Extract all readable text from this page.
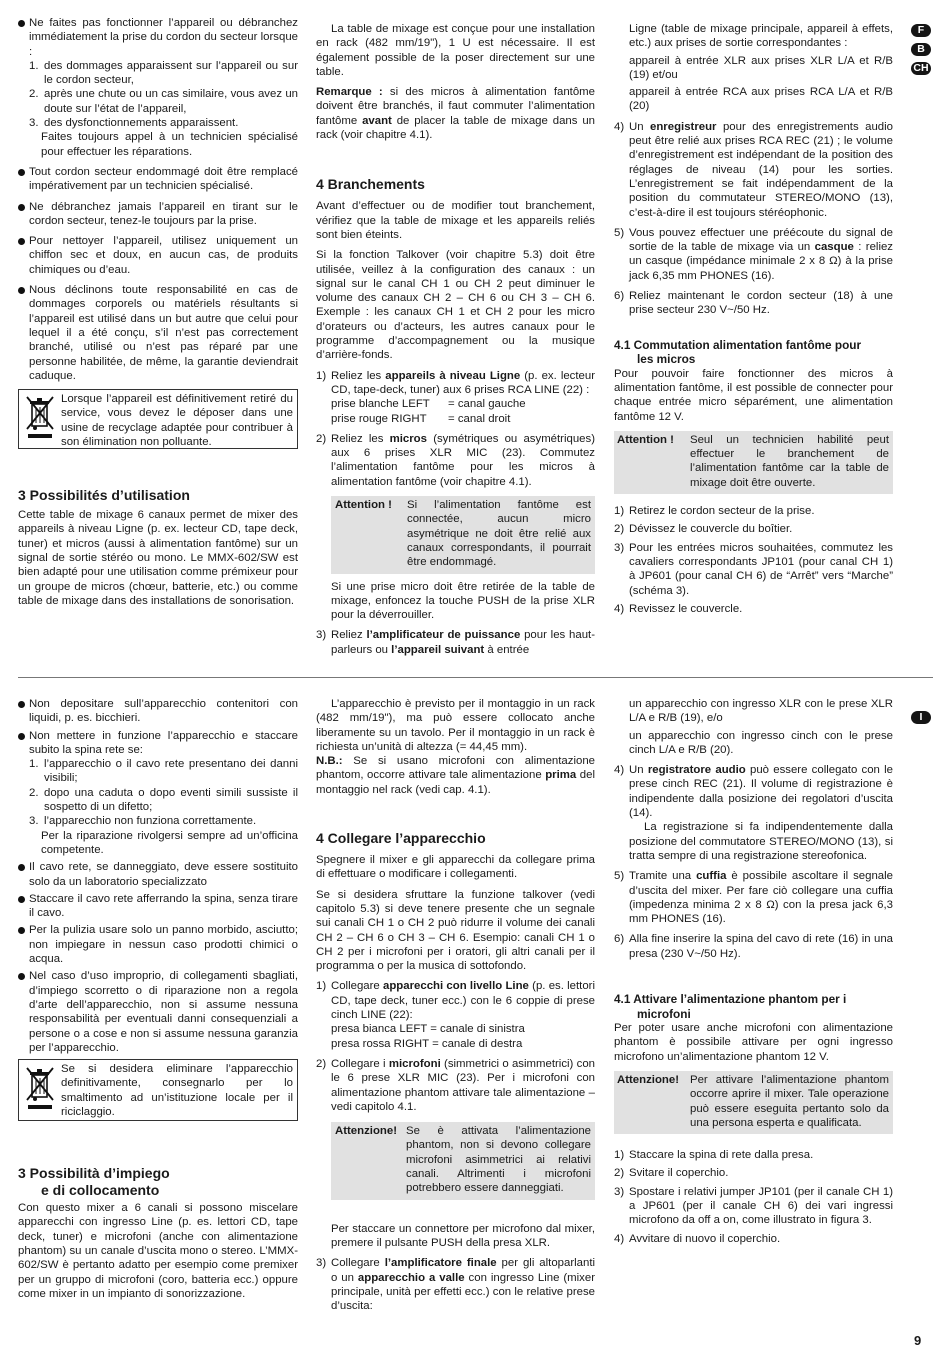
Ne faites pas fonctionner l’appareil ou débranchez immédiatement la prise du cordon du secteur lorsque :
1. des dommages apparaissent sur l’appareil ou sur le cordon secteur,
2. après une chute ou un cas similaire, vous avez un doute sur l’état de l’appareil,
3. des dysfonctionnements apparaissent.
Faites toujours appel à un technicien spécialisé pour effectuer les réparations.
Tout cordon secteur endommagé doit être remplacé impérativement par un technicien spécialisé.
Ne débranchez jamais l’appareil en tirant sur le cordon secteur, tenez-le toujours par la prise.
Pour nettoyer l’appareil, utilisez uniquement un chiffon sec et doux, en aucun cas, de produits chimiques ou d’eau.
Nous déclinons toute responsabilité en cas de dommages corporels ou matériels résultants si l’appareil est utilisé dans un but autre que celui pour lequel il a été conçu, s’il n’est pas correctement branché, utilisé ou n’est pas réparé par une personne habilitée, de même, la garantie deviendrait caduque.
Lorsque l’appareil est définitivement retiré du service, vous devez le déposer dans une usine de recyclage adaptée pour contribuer à son élimination non polluante.
3 Possibilités d’utilisation

Cette table de mixage 6 canaux permet de mixer des appareils à niveau Ligne (p. ex. lecteur CD, tape deck, tuner) et micros (aussi à alimentation fantôme) sur un signal de sortie stéréo ou mono. Le MMX-602/SW est bien adapté pour une utilisation comme prémixeur pour un groupe de micros (chœur, batterie, etc.) ou comme table de mixage dans des installations de sonorisation.

La table de mixage est conçue pour une installation en rack (482 mm/19"), 1 U est nécessaire. Il est également possible de la poser directement sur une table.

Remarque : si des micros à alimentation fantôme doivent être branchés, il faut commuter l’alimentation fantôme avant de placer la table de mixage dans un rack (voir chapitre 4.1).

4 Branchements

Avant d’effectuer ou de modifier tout branchement, vérifiez que la table de mixage et les appareils reliés sont bien éteints.

Si la fonction Talkover (voir chapitre 5.3) doit être utilisée, veillez à la configuration des canaux : un signal sur le canal CH 1 ou CH 2 peut diminuer le volume des canaux CH 2 – CH 6 ou CH 3 – CH 6. Exemple : les canaux CH 1 et CH 2 pour les micro d’orateurs ou d’acteurs, les autres canaux pour le programme d’accompagnement ou la musique d’arrière-fonds.

1) Reliez les appareils à niveau Ligne (p. ex. lecteur CD, tape-deck, tuner) aux 6 prises RCA LINE (22) :
prise blanche LEFT = canal gauche
prise rouge RIGHT = canal droit
2) Reliez les micros (symétriques ou asymétriques) aux 6 prises XLR MIC (23). Commutez l’alimentation fantôme pour les micros à alimentation fantôme (voir chapitre 4.1).
Attention !	Si l’alimentation fantôme est connectée, aucun micro asymétrique ne doit être relié aux canaux correspondants, il pourrait être endommagé.

Si une prise micro doit être retirée de la table de mixage, enfoncez la touche PUSH de la prise XLR pour la déverrouiller.

3) Reliez l’amplificateur de puissance pour les haut-parleurs ou l’appareil suivant à entrée

Ligne (table de mixage principale, appareil à effets, etc.) aux prises de sortie correspondantes :

appareil à entrée XLR aux prises XLR L/A et R/B (19) et/ou

appareil à entrée RCA aux prises RCA L/A et R/B (20)

4) Un enregistreur pour des enregistrements audio peut être relié aux prises RCA REC (21) ; le volume d’enregistrement est indépendant de la position des réglages de niveau (14) pour les sorties. L’enregistrement se fait indépendamment de la position du commutateur STEREO/MONO (13), c’est-à-dire il est toujours stéréophonic.
5) Vous pouvez effectuer une préécoute du signal de sortie de la table de mixage via un casque : reliez un casque (impédance minimale 2 x 8 Ω) à la prise jack 6,35 mm PHONES (16).
6) Reliez maintenant le cordon secteur (18) à une prise secteur 230 V~/50 Hz.
4.1 Commutation alimentation fantôme pour
les micros

Pour pouvoir faire fonctionner des micros à alimentation fantôme, il est possible de connecter pour chaque entrée micro séparément, une alimentation fantôme 12 V.

Attention !	Seul un technicien habilité peut effectuer le branchement de l’alimentation fantôme car la table de mixage doit être ouverte.
1) Retirez le cordon secteur de la prise.
2) Dévissez le couvercle du boîtier.
3) Pour les entrées micros souhaitées, commutez les cavaliers correspondants JP101 (pour canal CH 1) à JP601 (pour canal CH 6) de “Arrêt” vers “Marche” (schéma 3).
4) Revissez le couvercle.
F
B
CH
Non depositare sull’apparecchio contenitori con liquidi, p. es. bicchieri.
Non mettere in funzione l’apparecchio e staccare subito la spina rete se:
1. l’apparecchio o il cavo rete presentano dei danni visibili;
2. dopo una caduta o dopo eventi simili sussiste il sospetto di un difetto;
3. l’apparecchio non funziona correttamente.
Per la riparazione rivolgersi sempre ad un’officina competente.
Il cavo rete, se danneggiato, deve essere sostituito solo da un laboratorio specializzato
Staccare il cavo rete afferrando la spina, senza tirare il cavo.
Per la pulizia usare solo un panno morbido, asciutto; non impiegare in nessun caso prodotti chimici o acqua.
Nel caso d’uso improprio, di collegamenti sbagliati, d’impiego scorretto o di riparazione non a regola d’arte dell’apparecchio, non si assume nessuna responsabilità per eventuali danni consequenziali a persone o a cose e non si assume nessuna garanzia per l’apparecchio.
Se si desidera eliminare l’apparecchio definitivamente, consegnarlo per lo smaltimento ad un’istituzione locale per il riciclaggio.
3 Possibilità d’impiego
e di collocamento

Con questo mixer a 6 canali si possono miscelare apparecchi con ingresso Line (p. es. lettori CD, tape deck, tuner) e microfoni (anche con alimentazione phantom) su un canale d’uscita mono o stereo. L’MMX-602/SW è pertanto adatto per esempio come premixer per un gruppo di microfoni (coro, batteria ecc.) oppure come mixer in un impianto di sonorizzazione.

L’apparecchio è previsto per il montaggio in un rack (482 mm/19"), ma può essere collocato anche liberamente su un tavolo. Per il montaggio in un rack è richiesta un’unità di altezza (= 44,45 mm).

N.B.: Se si usano microfoni con alimentazione phantom, occorre attivare tale alimentazione prima del montaggio nel rack (vedi cap. 4.1).

4 Collegare l’apparecchio

Spegnere il mixer e gli apparecchi da collegare prima di effettuare o modificare i collegamenti.

Se si desidera sfruttare la funzione talkover (vedi capitolo 5.3) si deve tenere presente che un segnale sui canali CH 1 o CH 2 può ridurre il volume dei canali CH 2 – CH 6 o CH 3 – CH 6. Esempio: canali CH 1 o CH 2 per i microfoni per i oratori, gli altri canali per il programma o per la musica di sottofondo.

1) Collegare apparecchi con livello Line (p. es. lettori CD, tape deck, tuner ecc.) con le 6 coppie di prese cinch LINE (22):
presa bianca LEFT = canale di sinistra
presa rossa RIGHT = canale di destra
2) Collegare i microfoni (simmetrici o asimmetrici) con le 6 prese XLR MIC (23). Per i microfoni con alimentazione phantom attivare tale alimentazione – vedi capitolo 4.1.
Attenzione! Se è attivata l’alimentazione phantom, non si devono collegare microfoni asimmetrici ai relativi canali. Altrimenti i microfoni potrebbero essere danneggiati.

Per staccare un connettore per microfono dal mixer, premere il pulsante PUSH della presa XLR.

3) Collegare l’amplificatore finale per gli altoparlanti o un apparecchio a valle con ingresso Line (mixer principale, unità per effetti ecc.) con le relative prese d’uscita:

un apparecchio con ingresso XLR con le prese XLR L/A e R/B (19), e/o

un apparecchio con ingresso cinch con le prese cinch L/A e R/B (20).

4) Un registratore audio può essere collegato con le prese cinch REC (21). Il volume di registrazione è indipendente dalla posizione dei regolatori d’uscita (14).
La registrazione si fa indipendentemente dalla posizione del commutatore STEREO/MONO (13), si tratta sempre di una registrazione stereofonica.
5) Tramite una cuffia è possibile ascoltare il segnale d’uscita del mixer. Per fare ciò collegare una cuffia (impedenza minima 2 x 8 Ω) con la presa jack 6,3 mm PHONES (16).
6) Alla fine inserire la spina del cavo di rete (16) in una presa (230 V~/50 Hz).
4.1 Attivare l’alimentazione phantom per i
microfoni

Per poter usare anche microfoni con alimentazione phantom è possibile attivare per ogni ingresso microfono un’alimentazione phantom 12 V.

Attenzione! Per attivare l’alimentazione phantom occorre aprire il mixer. Tale operazione può essere eseguita pertanto solo da una persona esperta e qualificata.
1) Staccare la spina di rete dalla presa.
2) Svitare il coperchio.
3) Spostare i relativi jumper JP101 (per il canale CH 1) a JP601 (per il canale CH 6) dei vari ingressi microfono da off a on, come illustrato in figura 3.
4) Avvitare di nuovo il coperchio.
I
9
